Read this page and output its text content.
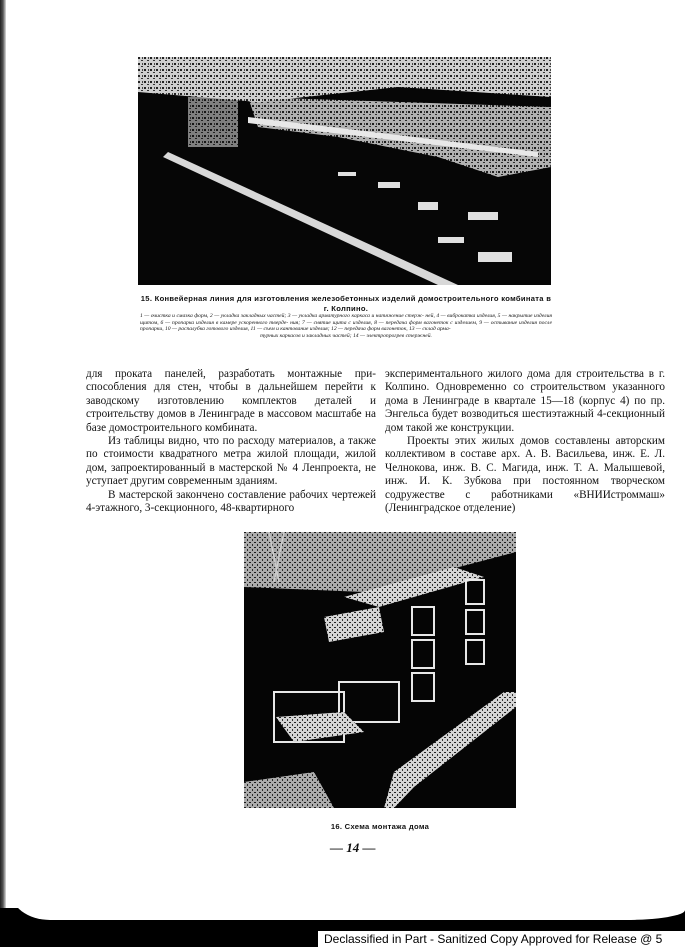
15. Конвейерная линия для изготовления железобетонных изделий домостроительного комбината в г. Колпино.
1 — очистка и смазка форм, 2 — укладка закладных частей; 3 — укладка арматурного каркаса и натяжение стерж- ней, 4 — виброкатка изделия, 5 — накрытие изделия щитом, 6 — пропарка изделия в камере ускоренного тверде- ния; 7 — снятие щита с изделия, 8 — передача форм вагонеток с изделием, 9 — остывание изделия после пропарки, 10 — распалубка готового изделия, 11 — съем и кантование изделия; 12 — передача форм вагонеток, 13 — склад арма-
турных каркасов и закладных частей; 14 — электропрогрев стержней.

для проката панелей, разработать монтажные приспособления для стен, чтобы в дальнейшем перейти к заводскому изготовлению комплектов деталей и строительству домов в Ленинграде в массовом масштабе на базе домостроительного комбината.

Из таблицы видно, что по расходу материалов, а также по стоимости квадратного метра жилой площади, жилой дом, запроектированный в мастерской № 4 Ленпроекта, не уступает другим современным зданиям.

В мастерской закончено составление рабочих чертежей 4-этажного, 3-секционного, 48-квартирного

экспериментального жилого дома для строительства в г. Колпино. Одновременно со строительством указанного дома в Ленинграде в квартале 15—18 (корпус 4) по пр. Энгельса будет возводиться шестиэтажный 4-секционный дом такой же конструкции.

Проекты этих жилых домов составлены авторским коллективом в составе арх. А. В. Васильева, инж. Е. Л. Челнокова, инж. В. С. Магида, инж. Т. А. Малышевой, инж. И. К. Зубкова при постоянном творческом содружестве с работниками «ВНИИстроммаш» (Ленинградское отделение)

16. Схема монтажа дома
— 14 —
Declassified in Part - Sanitized Copy Approved for Release @ 5
